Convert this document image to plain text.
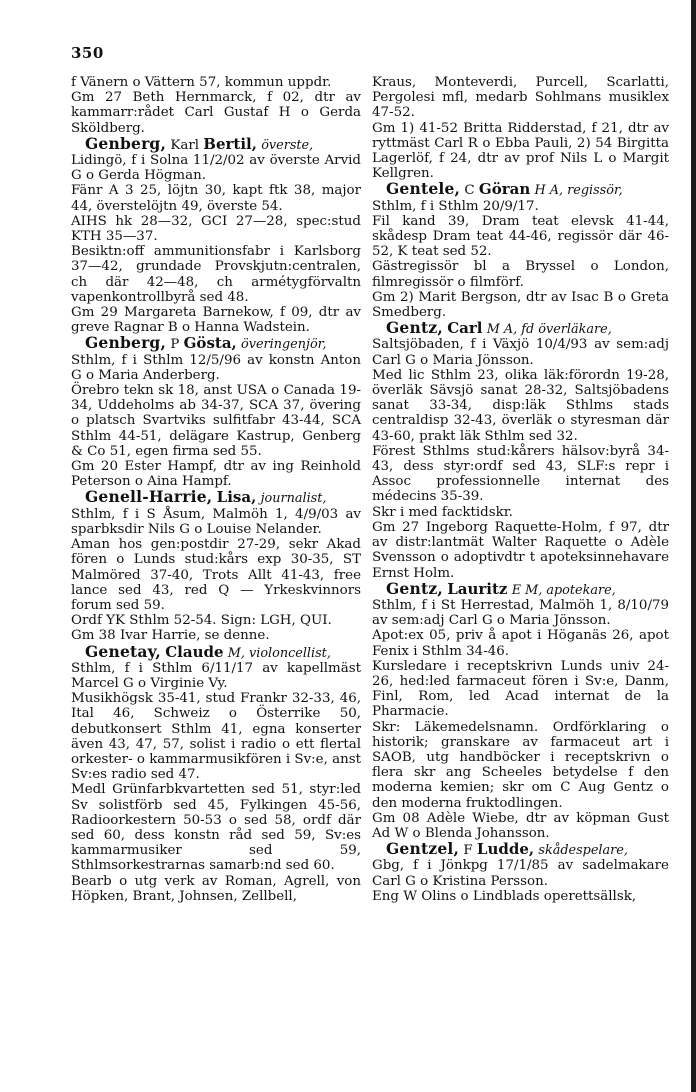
350

f Vänern o Vättern 57, kommun uppdr.

Gm 27 Beth Hernmarck, f 02, dtr av kammarr:rådet Carl Gustaf H o Gerda Sköldberg.

Genberg, Karl Bertil, överste,

Lidingö, f i Solna 11/2/02 av överste Arvid G o Gerda Högman.

Fänr A 3 25, löjtn 30, kapt ftk 38, major 44, överstelöjtn 49, överste 54.

AIHS hk 28—32, GCI 27—28, spec:stud KTH 35—37.

Besiktn:off ammunitionsfabr i Karlsborg 37—42, grundade Provskjutn:centralen, ch där 42—48, ch armétygförvaltn vapenkontrollbyrå sed 48.

Gm 29 Margareta Barnekow, f 09, dtr av greve Ragnar B o Hanna Wadstein.

Genberg, P Gösta, överingenjör,

Sthlm, f i Sthlm 12/5/96 av konstn Anton G o Maria Anderberg.

Örebro tekn sk 18, anst USA o Canada 19-34, Uddeholms ab 34-37, SCA 37, övering o platsch Svartviks sulfitfabr 43-44, SCA Sthlm 44-51, delägare Kastrup, Genberg & Co 51, egen firma sed 55.

Gm 20 Ester Hampf, dtr av ing Reinhold Peterson o Aina Hampf.

Genell-Harrie, Lisa, journalist,

Sthlm, f i S Åsum, Malmöh 1, 4/9/03 av sparbksdir Nils G o Louise Nelander.

Aman hos gen:postdir 27-29, sekr Akad fören o Lunds stud:kårs exp 30-35, ST Malmöred 37-40, Trots Allt 41-43, free lance sed 43, red Q — Yrkeskvinnors forum sed 59.

Ordf YK Sthlm 52-54. Sign: LGH, QUI.

Gm 38 Ivar Harrie, se denne.

Genetay, Claude M, violoncellist,

Sthlm, f i Sthlm 6/11/17 av kapellmäst Marcel G o Virginie Vy.

Musikhögsk 35-41, stud Frankr 32-33, 46, Ital 46, Schweiz o Österrike 50, debutkonsert Sthlm 41, egna konserter även 43, 47, 57, solist i radio o ett flertal orkester- o kammarmusikfören i Sv:e, anst Sv:es radio sed 47.

Medl Grünfarbkvartetten sed 51, styr:led Sv solistförb sed 45, Fylkingen 45-56, Radioorkestern 50-53 o sed 58, ordf där sed 60, dess konstn råd sed 59, Sv:es kammarmusiker sed 59, Sthlmsorkestrarnas samarb:nd sed 60.

Bearb o utg verk av Roman, Agrell, von Höpken, Brant, Johnsen, Zellbell,

Kraus, Monteverdi, Purcell, Scarlatti, Pergolesi mfl, medarb Sohlmans musiklex 47-52.

Gm 1) 41-52 Britta Ridderstad, f 21, dtr av ryttmäst Carl R o Ebba Pauli, 2) 54 Birgitta Lagerlöf, f 24, dtr av prof Nils L o Margit Kellgren.

Gentele, C Göran H A, regissör,

Sthlm, f i Sthlm 20/9/17.

Fil kand 39, Dram teat elevsk 41-44, skådesp Dram teat 44-46, regissör där 46-52, K teat sed 52.

Gästregissör bl a Bryssel o London, filmregissör o filmförf.

Gm 2) Marit Bergson, dtr av Isac B o Greta Smedberg.

Gentz, Carl M A, fd överläkare,

Saltsjöbaden, f i Växjö 10/4/93 av sem:adj Carl G o Maria Jönsson.

Med lic Sthlm 23, olika läk:förordn 19-28, överläk Sävsjö sanat 28-32, Saltsjöbadens sanat 33-34, disp:läk Sthlms stads centraldisp 32-43, överläk o styresman där 43-60, prakt läk Sthlm sed 32.

Förest Sthlms stud:kårers hälsov:byrå 34-43, dess styr:ordf sed 43, SLF:s repr i Assoc professionnelle internat des médecins 35-39.

Skr i med facktidskr.

Gm 27 Ingeborg Raquette-Holm, f 97, dtr av distr:lantmät Walter Raquette o Adèle Svensson o adoptivdtr t apoteksinnehavare Ernst Holm.

Gentz, Lauritz E M, apotekare,

Sthlm, f i St Herrestad, Malmöh 1, 8/10/79 av sem:adj Carl G o Maria Jönsson.

Apot:ex 05, priv å apot i Höganäs 26, apot Fenix i Sthlm 34-46.

Kursledare i receptskrivn Lunds univ 24-26, hed:led farmaceut fören i Sv:e, Danm, Finl, Rom, led Acad internat de la Pharmacie.

Skr: Läkemedelsnamn. Ordförklaring o historik; granskare av farmaceut art i SAOB, utg handböcker i receptskrivn o flera skr ang Scheeles betydelse f den moderna kemien; skr om C Aug Gentz o den moderna fruktodlingen.

Gm 08 Adèle Wiebe, dtr av köpman Gust Ad W o Blenda Johansson.

Gentzel, F Ludde, skådespelare,

Gbg, f i Jönkpg 17/1/85 av sadelmakare Carl G o Kristina Persson.

Eng W Olins o Lindblads operettsällsk,
